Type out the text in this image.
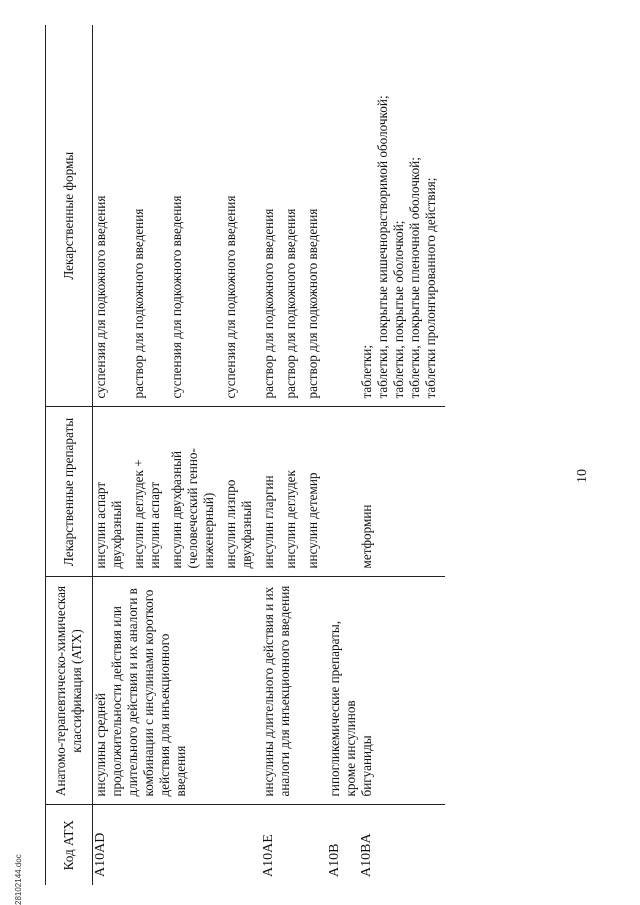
Код АТХ	Анатомо-терапевтическо-химическая классификация (АТХ)	Лекарственные препараты	Лекарственные формы
A10AD	инсулины средней продолжительности действия или длительного действия и их аналоги в комбинации с инсулинами короткого действия для инъекционного введения	инсулин аспарт двухфазный инсулин деглудек + инсулин аспарт инсулин двухфазный (человеческий генно-инженерный) инсулин лизпро двухфазный	суспензия для подкожного введения раствор для подкожного введения суспензия для подкожного введения суспензия для подкожного введения

A10AE	инсулины длительного действия и их аналоги для инъекционного введения	инсулин гларгин инсулин деглудек инсулин детемир	раствор для подкожного введения раствор для подкожного введения раствор для подкожного введения

A10B	гипогликемические препараты, кроме инсулинов		
A10BA	бигуаниды	метформин	таблетки;
таблетки, покрытые кишечнорастворимой оболочкой;
таблетки, покрытые оболочкой;
таблетки, покрытые пленочной оболочкой;
таблетки пролонгированного действия;
10
28102144.doc
